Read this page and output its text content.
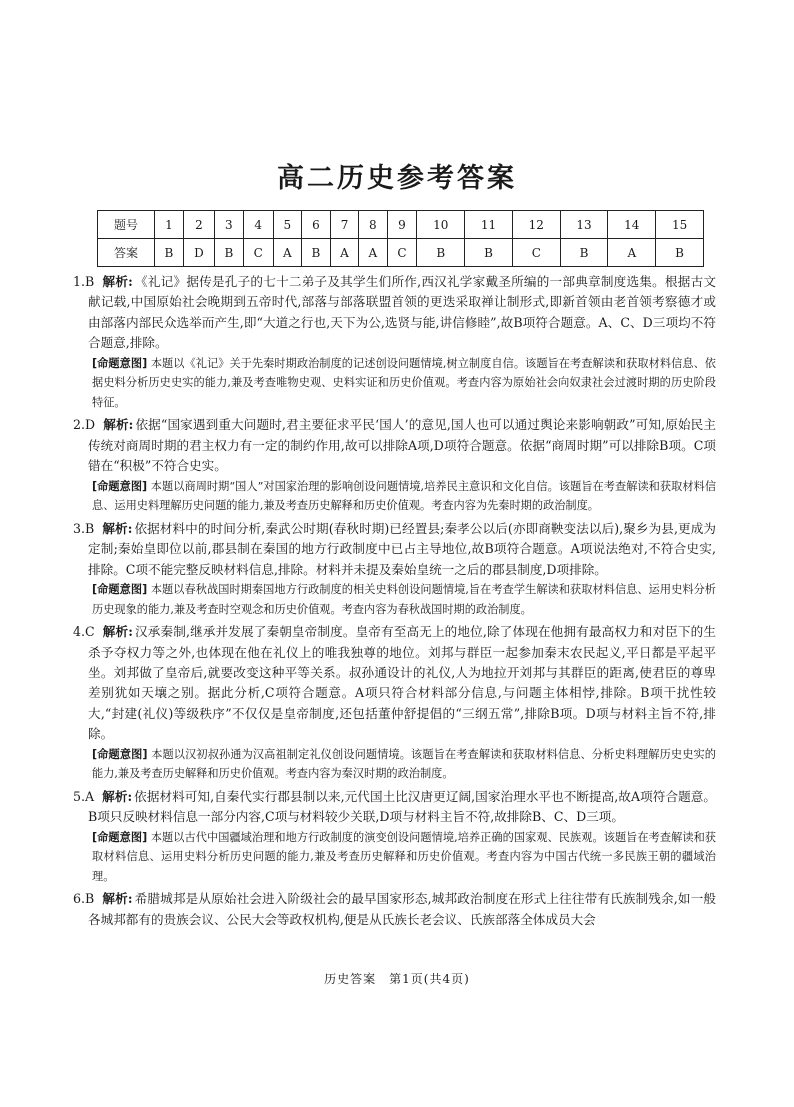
高二历史参考答案
题号	1	2	3	4	5	6	7	8	9	10	11	12	13	14	15
答案	B	D	B	C	A	B	A	A	C	B	B	C	B	A	B
1.B 解析: 《礼记》据传是孔子的七十二弟子及其学生们所作,西汉礼学家戴圣所编的一部典章制度选集。根据古文献记载,中国原始社会晚期到五帝时代,部落与部落联盟首领的更迭采取禅让制形式,即新首领由老首领考察德才或由部落内部民众选举而产生,即“大道之行也,天下为公,选贤与能,讲信修睦”,故B项符合题意。A、C、D三项均不符合题意,排除。
[命题意图] 本题以《礼记》关于先秦时期政治制度的记述创设问题情境,树立制度自信。该题旨在考查解读和获取材料信息、依据史料分析历史史实的能力,兼及考查唯物史观、史料实证和历史价值观。考查内容为原始社会向奴隶社会过渡时期的历史阶段特征。
2.D 解析: 依据“国家遇到重大问题时,君主要征求平民‘国人’的意见,国人也可以通过舆论来影响朝政”可知,原始民主传统对商周时期的君主权力有一定的制约作用,故可以排除A项,D项符合题意。依据“商周时期”可以排除B项。C项错在“积极”不符合史实。
[命题意图] 本题以商周时期“国人”对国家治理的影响创设问题情境,培养民主意识和文化自信。该题旨在考查解读和获取材料信息、运用史料理解历史问题的能力,兼及考查历史解释和历史价值观。考查内容为先秦时期的政治制度。
3.B 解析: 依据材料中的时间分析,秦武公时期(春秋时期)已经置县;秦孝公以后(亦即商鞅变法以后),聚乡为县,更成为定制;秦始皇即位以前,郡县制在秦国的地方行政制度中已占主导地位,故B项符合题意。A项说法绝对,不符合史实,排除。C项不能完整反映材料信息,排除。材料并未提及秦始皇统一之后的郡县制度,D项排除。
[命题意图] 本题以春秋战国时期秦国地方行政制度的相关史料创设问题情境,旨在考查学生解读和获取材料信息、运用史料分析历史现象的能力,兼及考查时空观念和历史价值观。考查内容为春秋战国时期的政治制度。
4.C 解析: 汉承秦制,继承并发展了秦朝皇帝制度。皇帝有至高无上的地位,除了体现在他拥有最高权力和对臣下的生杀予夺权力等之外,也体现在他在礼仪上的唯我独尊的地位。刘邦与群臣一起参加秦末农民起义,平日都是平起平坐。刘邦做了皇帝后,就要改变这种平等关系。叔孙通设计的礼仪,人为地拉开刘邦与其群臣的距离,使君臣的尊卑差别犹如天壤之别。据此分析,C项符合题意。A项只符合材料部分信息,与问题主体相悖,排除。B项干扰性较大,“封建(礼仪)等级秩序”不仅仅是皇帝制度,还包括董仲舒提倡的“三纲五常”,排除B项。D项与材料主旨不符,排除。
[命题意图] 本题以汉初叔孙通为汉高祖制定礼仪创设问题情境。该题旨在考查解读和获取材料信息、分析史料理解历史史实的能力,兼及考查历史解释和历史价值观。考查内容为秦汉时期的政治制度。
5.A 解析: 依据材料可知,自秦代实行郡县制以来,元代国土比汉唐更辽阔,国家治理水平也不断提高,故A项符合题意。B项只反映材料信息一部分内容,C项与材料较少关联,D项与材料主旨不符,故排除B、C、D三项。
[命题意图] 本题以古代中国疆域治理和地方行政制度的演变创设问题情境,培养正确的国家观、民族观。该题旨在考查解读和获取材料信息、运用史料分析历史问题的能力,兼及考查历史解释和历史价值观。考查内容为中国古代统一多民族王朝的疆域治理。
6.B 解析: 希腊城邦是从原始社会进入阶级社会的最早国家形态,城邦政治制度在形式上往往带有氏族制残余,如一般各城邦都有的贵族会议、公民大会等政权机构,便是从氏族长老会议、氏族部落全体成员大会
历史答案　第1页(共4页)
